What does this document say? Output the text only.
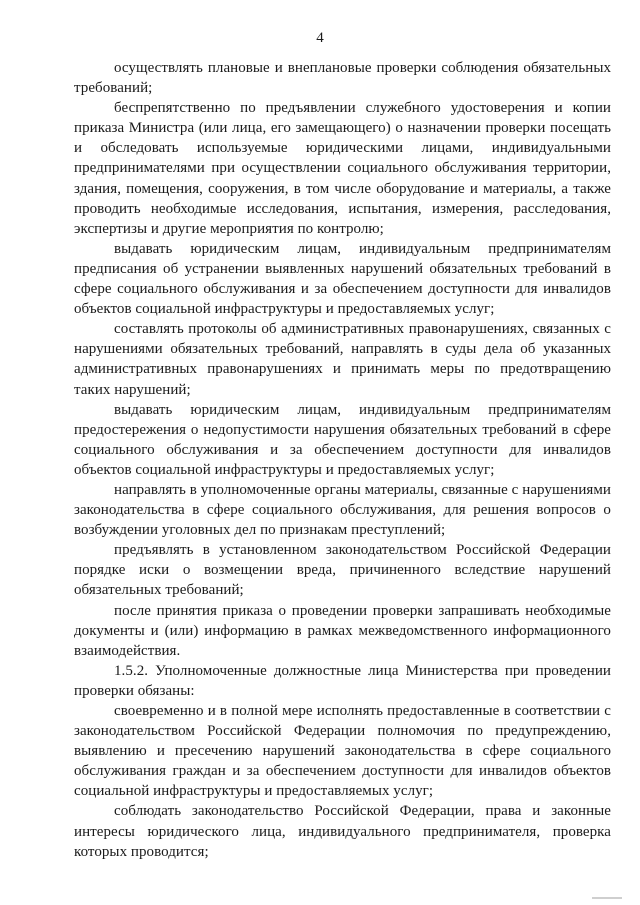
4

осуществлять плановые и внеплановые проверки соблюдения обязательных требований;

беспрепятственно по предъявлении служебного удостоверения и копии приказа Министра (или лица, его замещающего) о назначении проверки посещать и обследовать используемые юридическими лицами, индивидуальными предпринимателями при осуществлении социального обслуживания территории, здания, помещения, сооружения, в том числе оборудование и материалы, а также проводить необходимые исследования, испытания, измерения, расследования, экспертизы и другие мероприятия по контролю;

выдавать юридическим лицам, индивидуальным предпринимателям предписания об устранении выявленных нарушений обязательных требований в сфере социального обслуживания и за обеспечением доступности для инвалидов объектов социальной инфраструктуры и предоставляемых услуг;

составлять протоколы об административных правонарушениях, связанных с нарушениями обязательных требований, направлять в суды дела об указанных административных правонарушениях и принимать меры по предотвращению таких нарушений;

выдавать юридическим лицам, индивидуальным предпринимателям предостережения о недопустимости нарушения обязательных требований в сфере социального обслуживания и за обеспечением доступности для инвалидов объектов социальной инфраструктуры и предоставляемых услуг;

направлять в уполномоченные органы материалы, связанные с нарушениями законодательства в сфере социального обслуживания, для решения вопросов о возбуждении уголовных дел по признакам преступлений;

предъявлять в установленном законодательством Российской Федерации порядке иски о возмещении вреда, причиненного вследствие нарушений обязательных требований;

после принятия приказа о проведении проверки запрашивать необходимые документы и (или) информацию в рамках межведомственного информационного взаимодействия.

1.5.2. Уполномоченные должностные лица Министерства при проведении проверки обязаны:

своевременно и в полной мере исполнять предоставленные в соответствии с законодательством Российской Федерации полномочия по предупреждению, выявлению и пресечению нарушений законодательства в сфере социального обслуживания граждан и за обеспечением доступности для инвалидов объектов социальной инфраструктуры и предоставляемых услуг;

соблюдать законодательство Российской Федерации, права и законные интересы юридического лица, индивидуального предпринимателя, проверка которых проводится;
